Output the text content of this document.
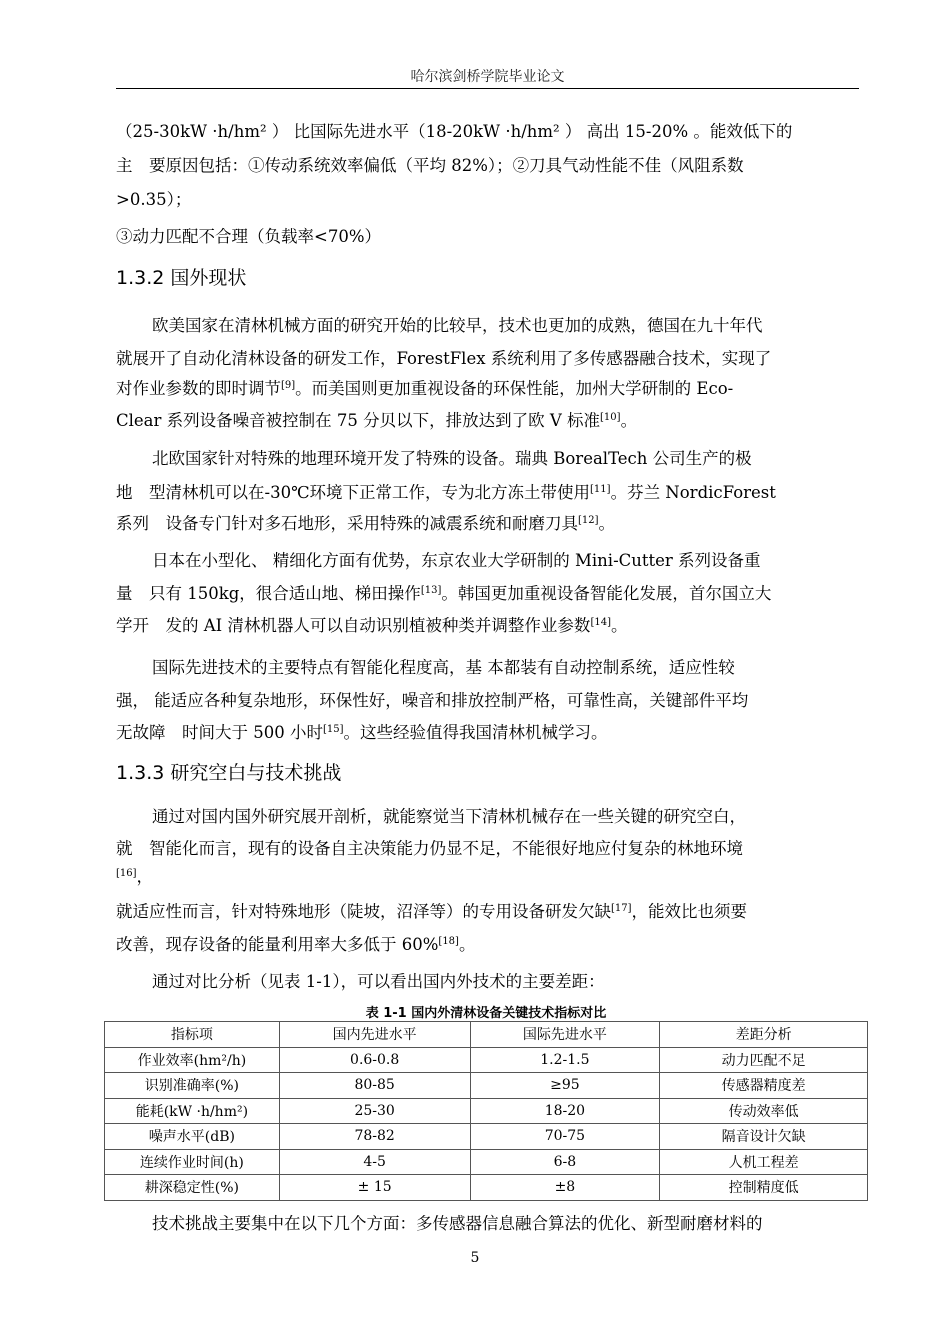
哈尔滨剑桥学院毕业论文
（25-30kW ·h/hm² ） 比国际先进水平（18-20kW ·h/hm² ） 高出 15-20% 。能效低下的
主　要原因包括：①传动系统效率偏低（平均 82%）；②刀具气动性能不佳（风阻系数
>0.35）；
③动力匹配不合理（负载率<70%）
1.3.2 国外现状
欧美国家在清林机械方面的研究开始的比较早，技术也更加的成熟，德国在九十年代
就展开了自动化清林设备的研发工作，ForestFlex 系统利用了多传感器融合技术，实现了
对作业参数的即时调节[9]。而美国则更加重视设备的环保性能，加州大学研制的 Eco-
Clear 系列设备噪音被控制在 75 分贝以下，排放达到了欧 V 标准[10]。
北欧国家针对特殊的地理环境开发了特殊的设备。瑞典 BorealTech 公司生产的极
地　型清林机可以在-30℃环境下正常工作，专为北方冻土带使用[11]。芬兰 NordicForest
系列　设备专门针对多石地形，采用特殊的减震系统和耐磨刀具[12]。
日本在小型化、 精细化方面有优势，东京农业大学研制的 Mini-Cutter 系列设备重
量　只有 150kg，很合适山地、梯田操作[13]。韩国更加重视设备智能化发展，首尔国立大
学开　发的 AI 清林机器人可以自动识别植被种类并调整作业参数[14]。
国际先进技术的主要特点有智能化程度高，基 本都装有自动控制系统，适应性较
强， 能适应各种复杂地形，环保性好，噪音和排放控制严格，可靠性高，关键部件平均
无故障　时间大于 500 小时[15]。这些经验值得我国清林机械学习。
1.3.3 研究空白与技术挑战
通过对国内国外研究展开剖析，就能察觉当下清林机械存在一些关键的研究空白，
就　智能化而言，现有的设备自主决策能力仍显不足，不能很好地应付复杂的林地环境
[16]，
就适应性而言，针对特殊地形（陡坡，沼泽等）的专用设备研发欠缺[17]，能效比也须要
改善，现存设备的能量利用率大多低于 60%[18]。
通过对比分析（见表 1-1），可以看出国内外技术的主要差距：
表 1-1 国内外清林设备关键技术指标对比
指标项	国内先进水平	国际先进水平	差距分析
作业效率(hm²/h)	0.6-0.8	1.2-1.5	动力匹配不足
识别准确率(%)	80-85	≥95	传感器精度差
能耗(kW ·h/hm²)	25-30	18-20	传动效率低
噪声水平(dB)	78-82	70-75	隔音设计欠缺
连续作业时间(h)	4-5	6-8	人机工程差
耕深稳定性(%)	± 15	±8	控制精度低
技术挑战主要集中在以下几个方面：多传感器信息融合算法的优化、新型耐磨材料的
5
